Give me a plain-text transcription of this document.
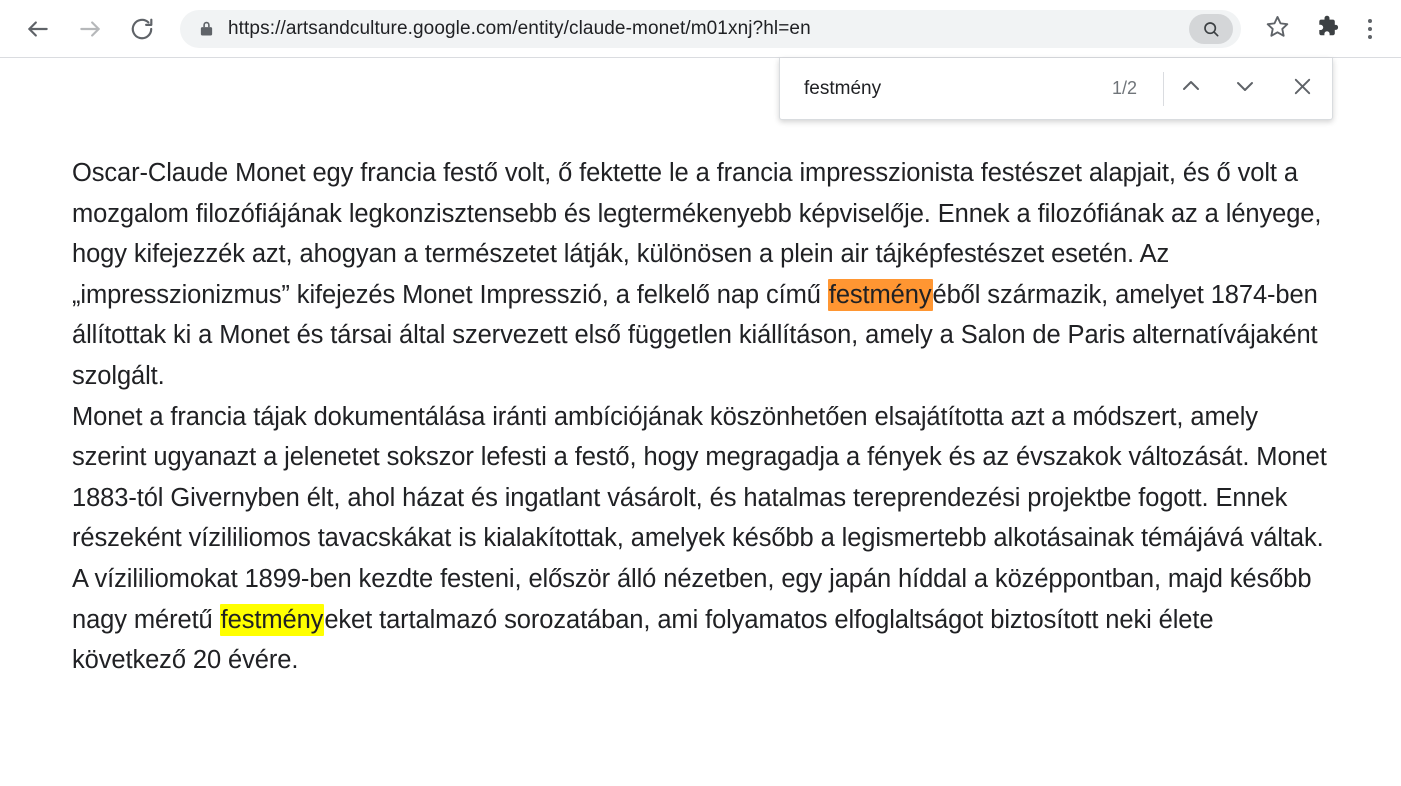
https://artsandculture.google.com/entity/claude-monet/m01xnj?hl=en
festmény
1/2

Oscar-Claude Monet egy francia festő volt, ő fektette le a francia impresszionista festészet alapjait, és ő volt a mozgalom filozófiájának legkonzisztensebb és legtermékenyebb képviselője. Ennek a filozófiának az a lényege, hogy kifejezzék azt, ahogyan a természetet látják, különösen a plein air tájképfestészet esetén. Az „impresszionizmus” kifejezés Monet Impresszió, a felkelő nap című festményéből származik, amelyet 1874-ben állítottak ki a Monet és társai által szervezett első független kiállításon, amely a Salon de Paris alternatívájaként szolgált.

Monet a francia tájak dokumentálása iránti ambíciójának köszönhetően elsajátította azt a módszert, amely szerint ugyanazt a jelenetet sokszor lefesti a festő, hogy megragadja a fények és az évszakok változását. Monet 1883-tól Givernyben élt, ahol házat és ingatlant vásárolt, és hatalmas tereprendezési projektbe fogott. Ennek részeként vízililiomos tavacskákat is kialakítottak, amelyek később a legismertebb alkotásainak témájává váltak. A vízililiomokat 1899-ben kezdte festeni, először álló nézetben, egy japán híddal a középpontban, majd később nagy méretű festményeket tartalmazó sorozatában, ami folyamatos elfoglaltságot biztosított neki élete következő 20 évére.
